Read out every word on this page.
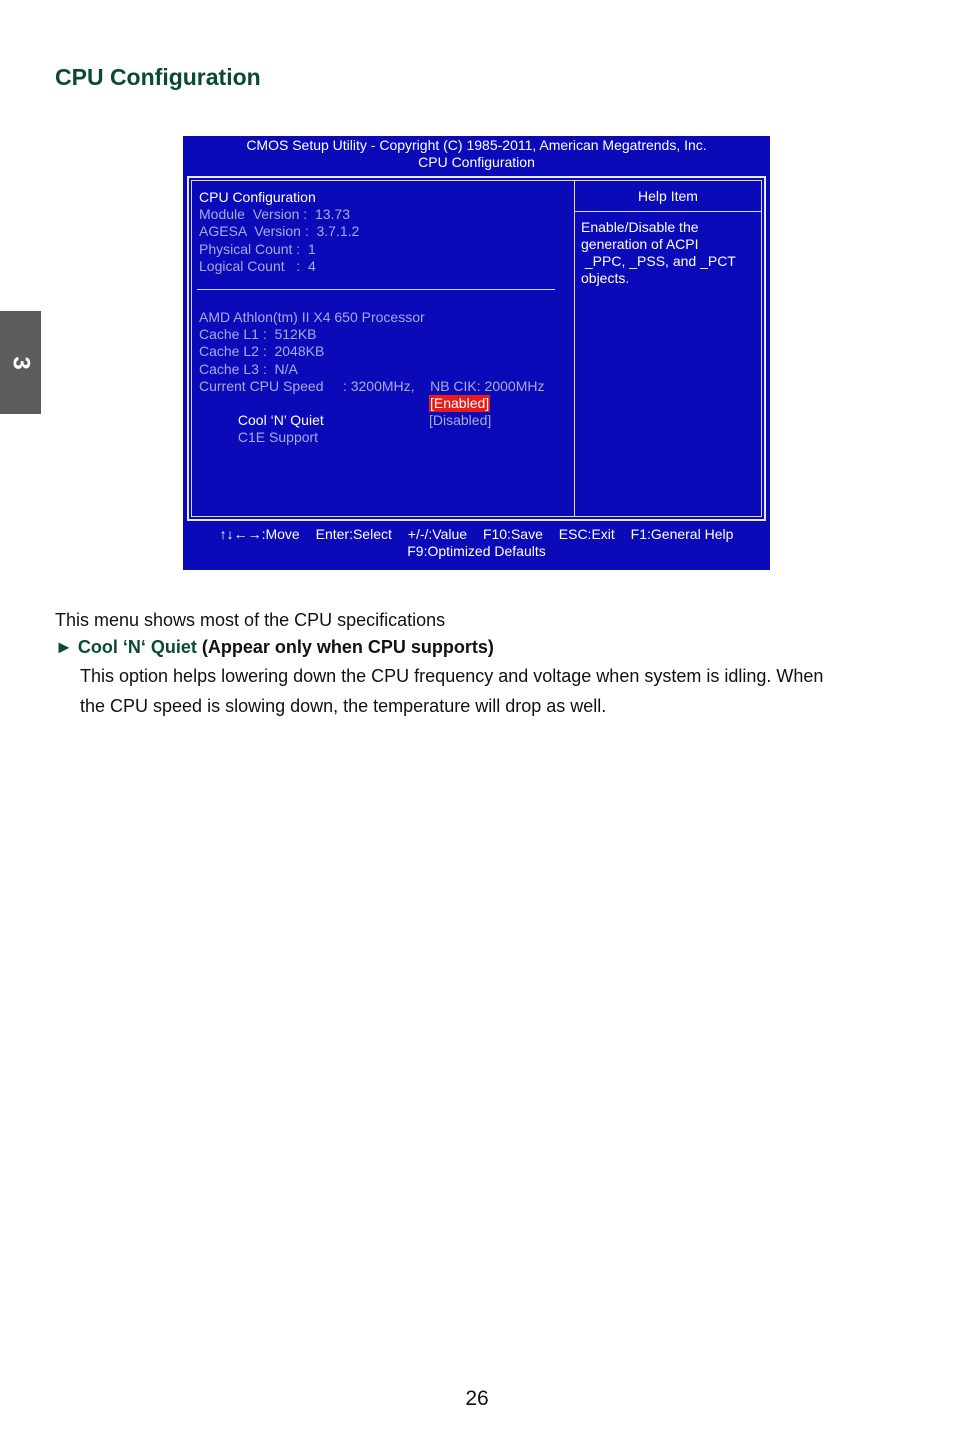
CPU Configuration
3
CMOS Setup Utility - Copyright (C) 1985-2011, American Megatrends, Inc.
CPU Configuration
CPU Configuration
Module  Version :  13.73
AGESA  Version :  3.7.1.2
Physical Count :  1
Logical Count   :  4
AMD Athlon(tm) II X4 650 Processor
Cache L1 :  512KB
Cache L2 :  2048KB
Cache L3 :  N/A
Current CPU Speed     : 3200MHz,    NB CIK: 2000MHz

Cool ‘N’ Quiet

[Enabled]

C1E Support

[Disabled]

Help Item
Enable/Disable the
generation of ACPI
_PPC, _PSS, and _PCT
objects.
↑↓←→:Move Enter:Select +/-/:Value F10:Save ESC:Exit F1:General Help
F9:Optimized Defaults

This menu shows most of the CPU specifications

► Cool ‘N‘ Quiet (Appear only when CPU supports)

This option helps lowering down the CPU frequency and voltage when system is idling. When
the CPU speed is slowing down, the temperature will drop as well.

26
